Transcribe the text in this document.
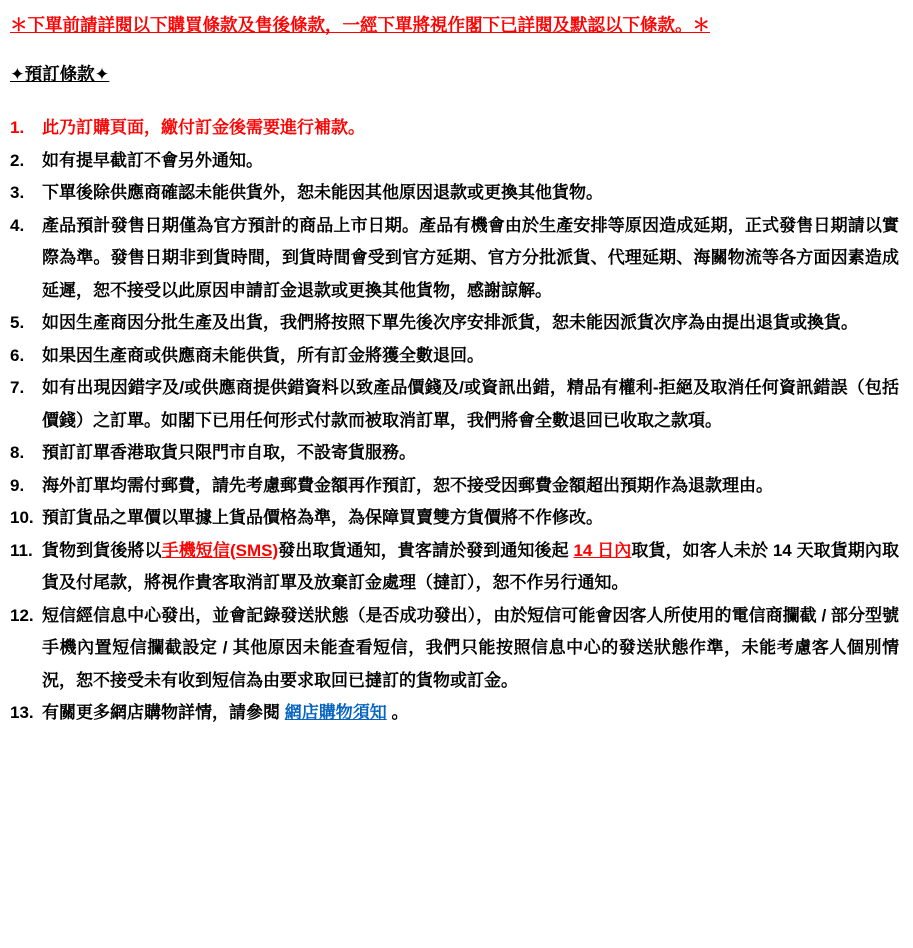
＊下單前請詳閱以下購買條款及售後條款，一經下單將視作閣下已詳閱及默認以下條款。＊
✦預訂條款✦
1.	此乃訂購頁面，繳付訂金後需要進行補款。
2.	如有提早截訂不會另外通知。
3.	下單後除供應商確認未能供貨外，恕未能因其他原因退款或更換其他貨物。
4.	產品預計發售日期僅為官方預計的商品上市日期。產品有機會由於生產安排等原因造成延期，正式發售日期請以實際為準。發售日期非到貨時間，到貨時間會受到官方延期、官方分批派貨、代理延期、海關物流等各方面因素造成延遲，恕不接受以此原因申請訂金退款或更換其他貨物，感謝諒解。
5.	如因生產商因分批生產及出貨，我們將按照下單先後次序安排派貨，恕未能因派貨次序為由提出退貨或換貨。
6.	如果因生產商或供應商未能供貨，所有訂金將獲全數退回。
7.	如有出現因錯字及/或供應商提供錯資料以致產品價錢及/或資訊出錯，精品有權利-拒絕及取消任何資訊錯誤（包括價錢）之訂單。如閣下已用任何形式付款而被取消訂單，我們將會全數退回已收取之款項。
8.	預訂訂單香港取貨只限門市自取，不設寄貨服務。
9.	海外訂單均需付郵費，請先考慮郵費金額再作預訂，恕不接受因郵費金額超出預期作為退款理由。
10. 預訂貨品之單價以單據上貨品價格為準，為保障買賣雙方貨價將不作修改。
11. 貨物到貨後將以手機短信(SMS)發出取貨通知，貴客請於發到通知後起 14 日內取貨，如客人未於 14 天取貨期內取貨及付尾款，將視作貴客取消訂單及放棄訂金處理（撻訂），恕不作另行通知。
12. 短信經信息中心發出，並會記錄發送狀態（是否成功發出），由於短信可能會因客人所使用的電信商攔截 / 部分型號手機內置短信攔截設定 / 其他原因未能查看短信，我們只能按照信息中心的發送狀態作準，未能考慮客人個別情況，恕不接受未有收到短信為由要求取回已撻訂的貨物或訂金。
13. 有關更多網店購物詳情，請參閱 網店購物須知 。
